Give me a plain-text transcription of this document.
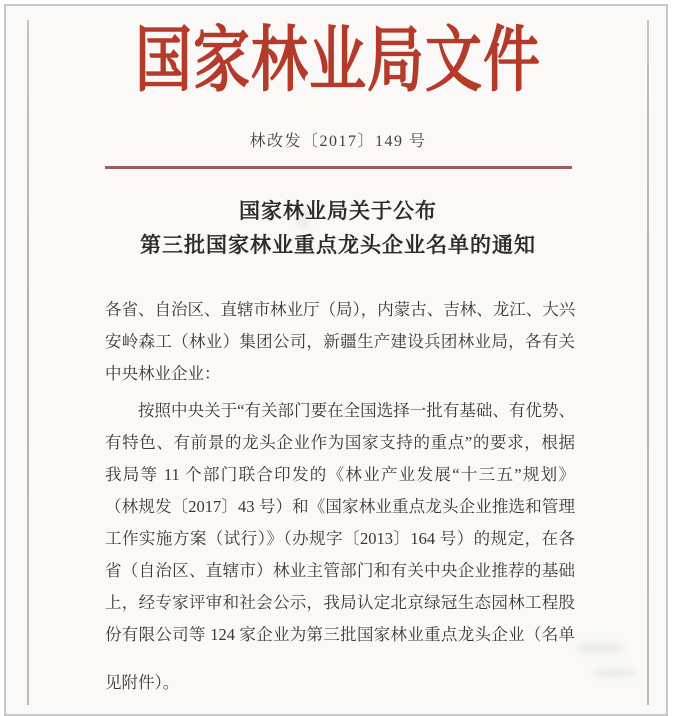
国家林业局文件
林改发〔2017〕149 号
国家林业局关于公布
第三批国家林业重点龙头企业名单的通知
各省、自治区、直辖市林业厅（局），内蒙古、吉林、龙江、大兴
安岭森工（林业）集团公司，新疆生产建设兵团林业局，各有关
中央林业企业：
按照中央关于“有关部门要在全国选择一批有基础、有优势、
有特色、有前景的龙头企业作为国家支持的重点”的要求，根据
我局等 11 个部门联合印发的《林业产业发展“十三五”规划》
（林规发〔2017〕43 号）和《国家林业重点龙头企业推选和管理
工作实施方案（试行）》（办规字〔2013〕164 号）的规定，在各
省（自治区、直辖市）林业主管部门和有关中央企业推荐的基础
上，经专家评审和社会公示，我局认定北京绿冠生态园林工程股
份有限公司等 124 家企业为第三批国家林业重点龙头企业（名单
见附件）。
